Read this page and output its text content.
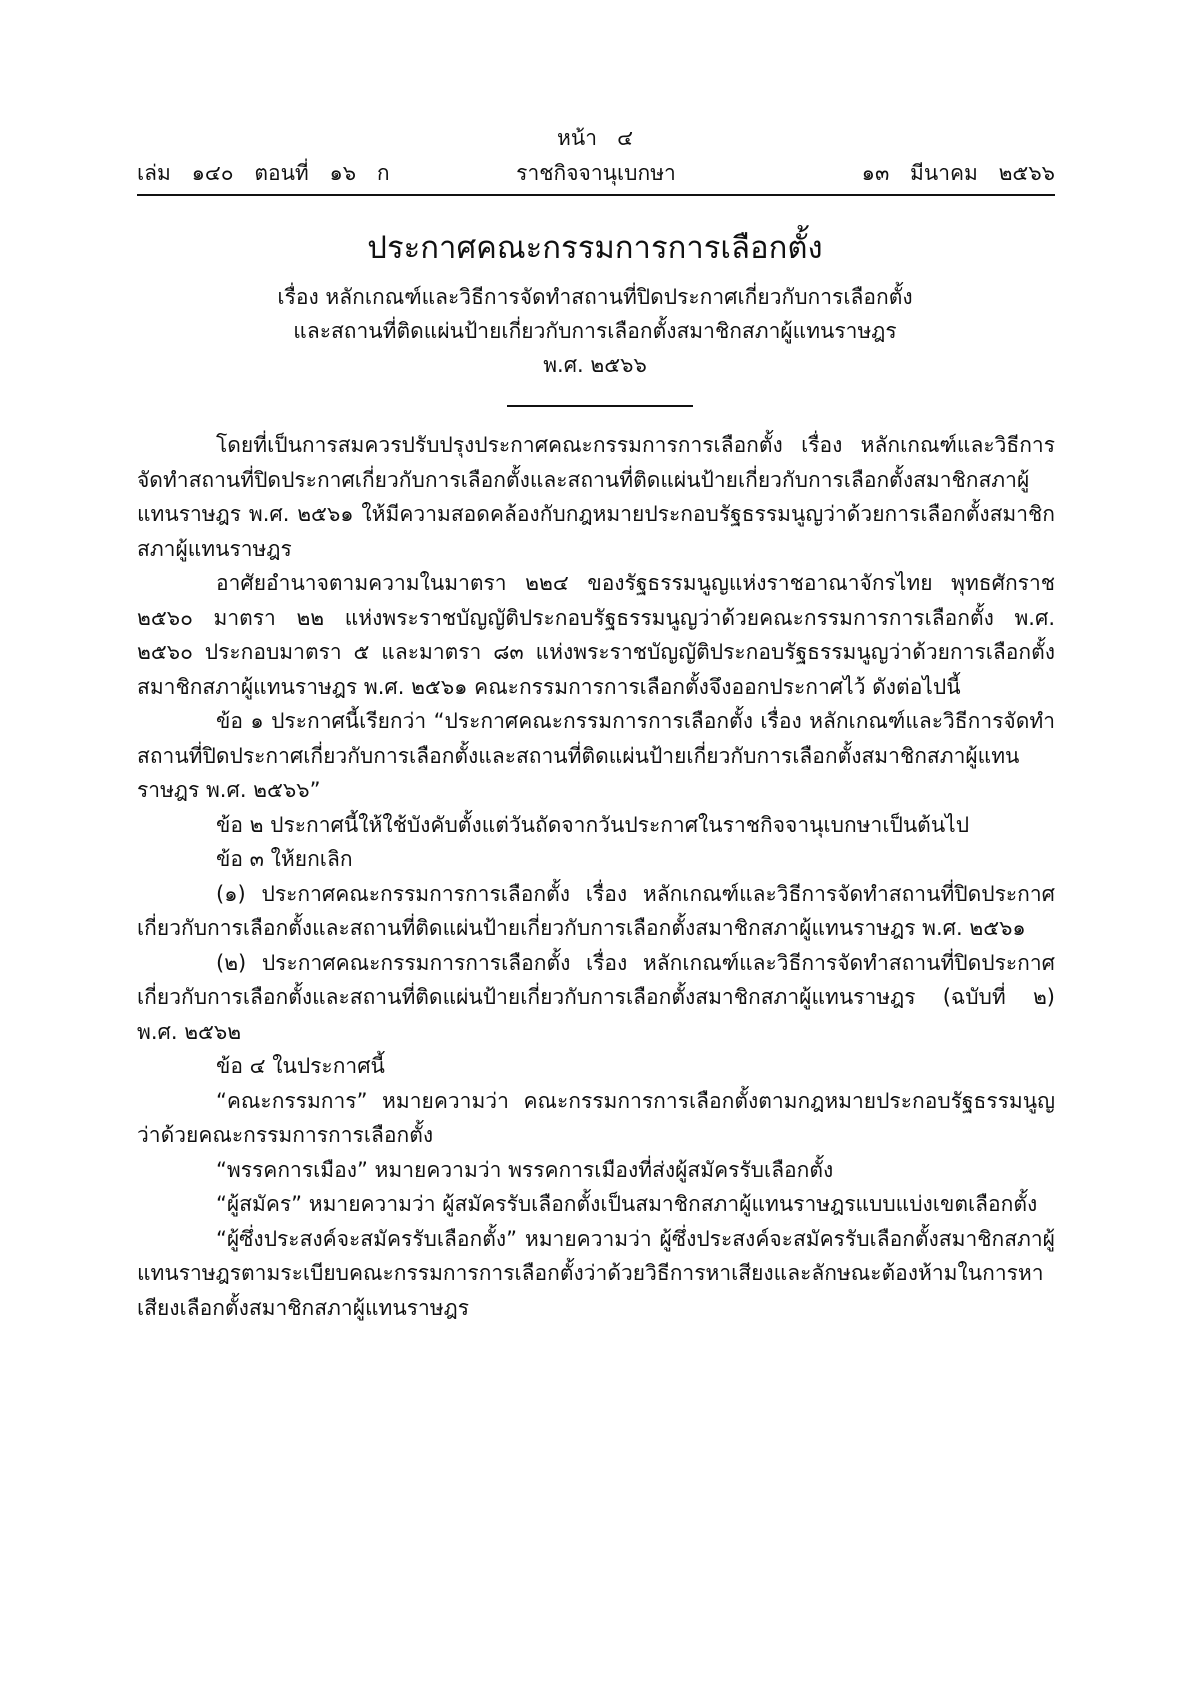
หน้า ๔
เล่ม ๑๔๐ ตอนที่ ๑๖ ก	ราชกิจจานุเบกษา	๑๓ มีนาคม ๒๕๖๖
ประกาศคณะกรรมการการเลือกตั้ง
เรื่อง หลักเกณฑ์และวิธีการจัดทำสถานที่ปิดประกาศเกี่ยวกับการเลือกตั้ง
และสถานที่ติดแผ่นป้ายเกี่ยวกับการเลือกตั้งสมาชิกสภาผู้แทนราษฎร
พ.ศ. ๒๕๖๖

โดยที่เป็นการสมควรปรับปรุงประกาศคณะกรรมการการเลือกตั้ง เรื่อง หลักเกณฑ์และวิธีการจัดทำสถานที่ปิดประกาศเกี่ยวกับการเลือกตั้งและสถานที่ติดแผ่นป้ายเกี่ยวกับการเลือกตั้งสมาชิกสภาผู้แทนราษฎร พ.ศ. ๒๕๖๑ ให้มีความสอดคล้องกับกฎหมายประกอบรัฐธรรมนูญว่าด้วยการเลือกตั้งสมาชิกสภาผู้แทนราษฎร

อาศัยอำนาจตามความในมาตรา ๒๒๔ ของรัฐธรรมนูญแห่งราชอาณาจักรไทย พุทธศักราช ๒๕๖๐ มาตรา ๒๒ แห่งพระราชบัญญัติประกอบรัฐธรรมนูญว่าด้วยคณะกรรมการการเลือกตั้ง พ.ศ. ๒๕๖๐ ประกอบมาตรา ๕ และมาตรา ๘๓ แห่งพระราชบัญญัติประกอบรัฐธรรมนูญว่าด้วยการเลือกตั้งสมาชิกสภาผู้แทนราษฎร พ.ศ. ๒๕๖๑ คณะกรรมการการเลือกตั้งจึงออกประกาศไว้ ดังต่อไปนี้

ข้อ ๑ ประกาศนี้เรียกว่า “ประกาศคณะกรรมการการเลือกตั้ง เรื่อง หลักเกณฑ์และวิธีการจัดทำสถานที่ปิดประกาศเกี่ยวกับการเลือกตั้งและสถานที่ติดแผ่นป้ายเกี่ยวกับการเลือกตั้งสมาชิกสภาผู้แทนราษฎร พ.ศ. ๒๕๖๖”

ข้อ ๒ ประกาศนี้ให้ใช้บังคับตั้งแต่วันถัดจากวันประกาศในราชกิจจานุเบกษาเป็นต้นไป

ข้อ ๓ ให้ยกเลิก

(๑) ประกาศคณะกรรมการการเลือกตั้ง เรื่อง หลักเกณฑ์และวิธีการจัดทำสถานที่ปิดประกาศเกี่ยวกับการเลือกตั้งและสถานที่ติดแผ่นป้ายเกี่ยวกับการเลือกตั้งสมาชิกสภาผู้แทนราษฎร พ.ศ. ๒๕๖๑

(๒) ประกาศคณะกรรมการการเลือกตั้ง เรื่อง หลักเกณฑ์และวิธีการจัดทำสถานที่ปิดประกาศเกี่ยวกับการเลือกตั้งและสถานที่ติดแผ่นป้ายเกี่ยวกับการเลือกตั้งสมาชิกสภาผู้แทนราษฎร (ฉบับที่ ๒) พ.ศ. ๒๕๖๒

ข้อ ๔ ในประกาศนี้

“คณะกรรมการ” หมายความว่า คณะกรรมการการเลือกตั้งตามกฎหมายประกอบรัฐธรรมนูญว่าด้วยคณะกรรมการการเลือกตั้ง

“พรรคการเมือง” หมายความว่า พรรคการเมืองที่ส่งผู้สมัครรับเลือกตั้ง

“ผู้สมัคร” หมายความว่า ผู้สมัครรับเลือกตั้งเป็นสมาชิกสภาผู้แทนราษฎรแบบแบ่งเขตเลือกตั้ง

“ผู้ซึ่งประสงค์จะสมัครรับเลือกตั้ง” หมายความว่า ผู้ซึ่งประสงค์จะสมัครรับเลือกตั้งสมาชิกสภาผู้แทนราษฎรตามระเบียบคณะกรรมการการเลือกตั้งว่าด้วยวิธีการหาเสียงและลักษณะต้องห้ามในการหาเสียงเลือกตั้งสมาชิกสภาผู้แทนราษฎร
